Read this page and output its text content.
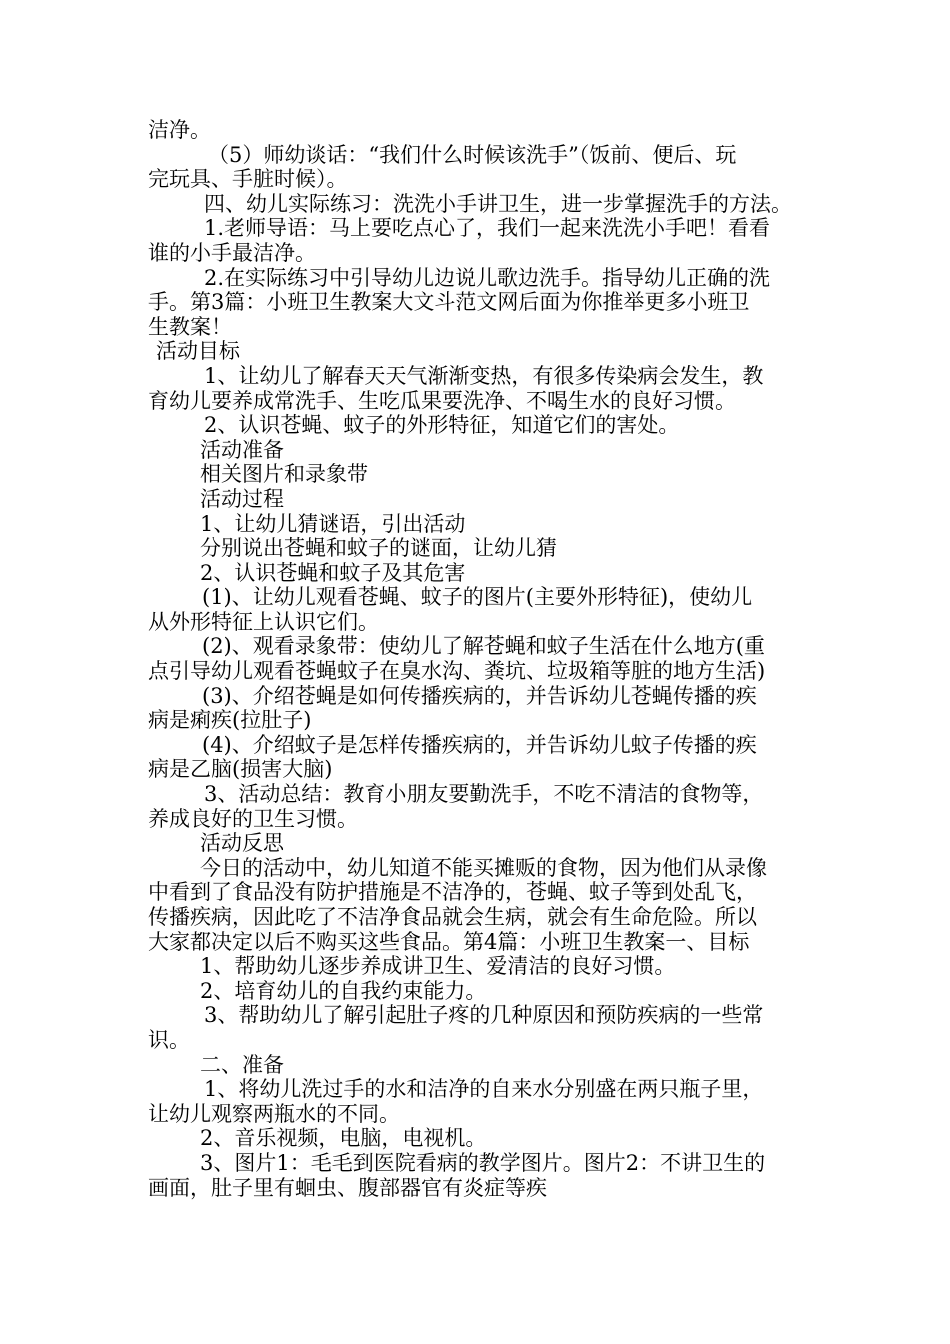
洁净。
（5）师幼谈话：“我们什么时候该洗手”（饭前、便后、玩
完玩具、手脏时候）。
四、幼儿实际练习：洗洗小手讲卫生，进一步掌握洗手的方法。
1.老师导语：马上要吃点心了，我们一起来洗洗小手吧！看看
谁的小手最洁净。
2.在实际练习中引导幼儿边说儿歌边洗手。指导幼儿正确的洗
手。第3篇：小班卫生教案大文斗范文网后面为你推举更多小班卫
生教案！
活动目标
1、让幼儿了解春天天气渐渐变热，有很多传染病会发生，教
育幼儿要养成常洗手、生吃瓜果要洗净、不喝生水的良好习惯。
2、认识苍蝇、蚊子的外形特征，知道它们的害处。
活动准备
相关图片和录象带
活动过程
1、让幼儿猜谜语，引出活动
分别说出苍蝇和蚊子的谜面，让幼儿猜
2、认识苍蝇和蚊子及其危害
(1)、让幼儿观看苍蝇、蚊子的图片(主要外形特征)，使幼儿
从外形特征上认识它们。
(2)、观看录象带：使幼儿了解苍蝇和蚊子生活在什么地方(重
点引导幼儿观看苍蝇蚊子在臭水沟、粪坑、垃圾箱等脏的地方生活)
(3)、介绍苍蝇是如何传播疾病的，并告诉幼儿苍蝇传播的疾
病是痢疾(拉肚子)
(4)、介绍蚊子是怎样传播疾病的，并告诉幼儿蚊子传播的疾
病是乙脑(损害大脑)
3、活动总结：教育小朋友要勤洗手，不吃不清洁的食物等，
养成良好的卫生习惯。
活动反思
今日的活动中，幼儿知道不能买摊贩的食物，因为他们从录像
中看到了食品没有防护措施是不洁净的，苍蝇、蚊子等到处乱飞，
传播疾病，因此吃了不洁净食品就会生病，就会有生命危险。所以
大家都决定以后不购买这些食品。第4篇：小班卫生教案一、目标
1、帮助幼儿逐步养成讲卫生、爱清洁的良好习惯。
2、培育幼儿的自我约束能力。
3、帮助幼儿了解引起肚子疼的几种原因和预防疾病的一些常
识。
二、准备
1、将幼儿洗过手的水和洁净的自来水分别盛在两只瓶子里，
让幼儿观察两瓶水的不同。
2、音乐视频，电脑，电视机。
3、图片1：毛毛到医院看病的教学图片。图片2：不讲卫生的
画面，肚子里有蛔虫、腹部器官有炎症等疾
